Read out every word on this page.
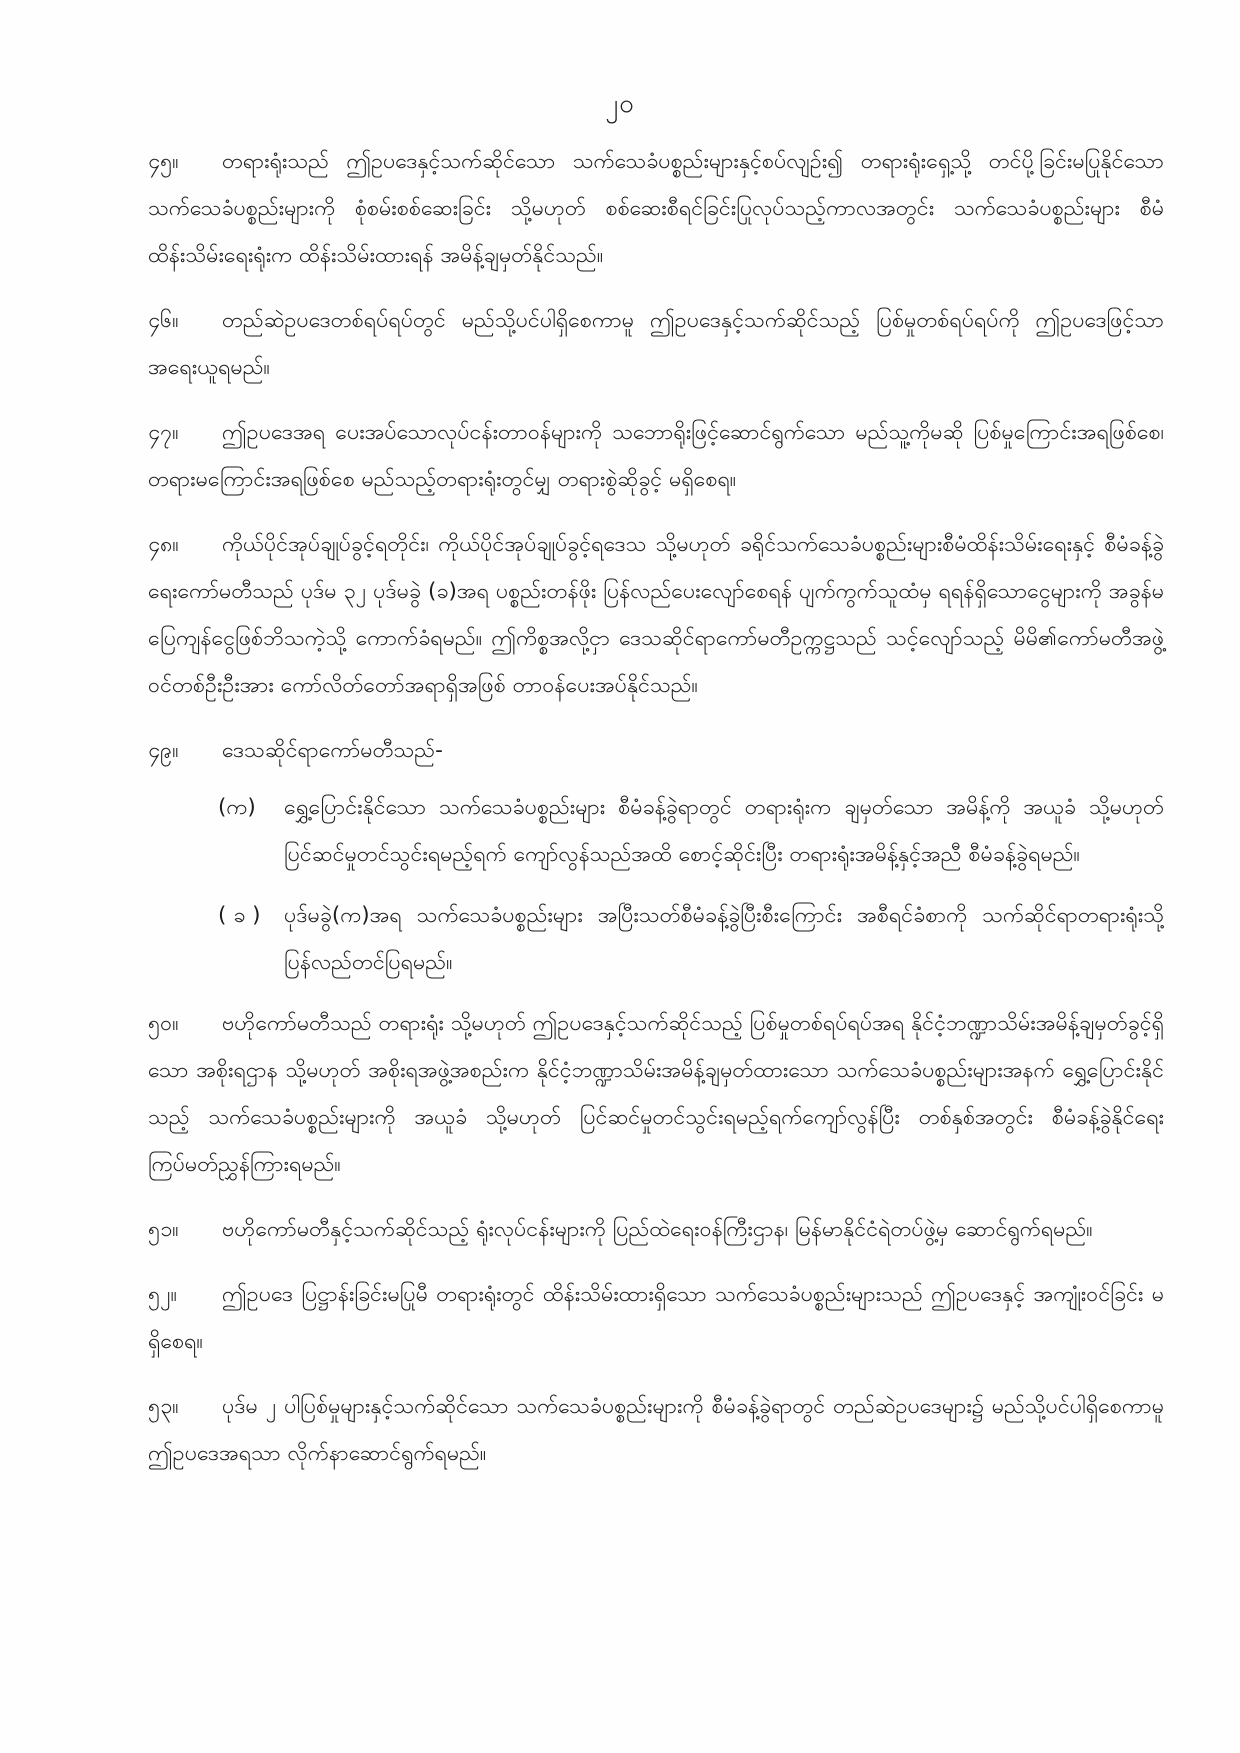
၂၀

၄၅။ တရားရုံးသည် ဤဥပဒေနှင့်သက်ဆိုင်သော သက်သေခံပစ္စည်းများနှင့်စပ်လျဉ်း၍ တရားရုံးရှေ့သို့ တင်ပို့ခြင်းမပြုနိုင်သော သက်သေခံပစ္စည်းများကို စုံစမ်းစစ်ဆေးခြင်း သို့မဟုတ် စစ်ဆေးစီရင်ခြင်းပြုလုပ်သည့်ကာလအတွင်း သက်သေခံပစ္စည်းများ စီမံထိန်းသိမ်းရေးရုံးက ထိန်းသိမ်းထားရန် အမိန့်ချမှတ်နိုင်သည်။

၄၆။ တည်ဆဲဥပဒေတစ်ရပ်ရပ်တွင် မည်သို့ပင်ပါရှိစေကာမူ ဤဥပဒေနှင့်သက်ဆိုင်သည့် ပြစ်မှုတစ်ရပ်ရပ်ကို ဤဥပဒေဖြင့်သာ အရေးယူရမည်။

၄၇။ ဤဥပဒေအရ ပေးအပ်သောလုပ်ငန်းတာဝန်များကို သဘောရိုးဖြင့်ဆောင်ရွက်သော မည်သူ့ကိုမဆို ပြစ်မှုကြောင်းအရဖြစ်စေ၊ တရားမကြောင်းအရဖြစ်စေ မည်သည့်တရားရုံးတွင်မျှ တရားစွဲဆိုခွင့် မရှိစေရ။

၄၈။ ကိုယ်ပိုင်အုပ်ချုပ်ခွင့်ရတိုင်း၊ ကိုယ်ပိုင်အုပ်ချုပ်ခွင့်ရဒေသ သို့မဟုတ် ခရိုင်သက်သေခံပစ္စည်းများစီမံထိန်းသိမ်းရေးနှင့် စီမံခန့်ခွဲရေးကော်မတီသည် ပုဒ်မ ၃၂ ပုဒ်မခွဲ (ခ)အရ ပစ္စည်းတန်ဖိုး ပြန်လည်ပေးလျော်စေရန် ပျက်ကွက်သူထံမှ ရရန်ရှိသောငွေများကို အခွန်မပြေကျန်ငွေဖြစ်ဘိသကဲ့သို့ ကောက်ခံရမည်။ ဤကိစ္စအလို့ငှာ ဒေသဆိုင်ရာကော်မတီဥက္ကဋ္ဌသည် သင့်လျော်သည့် မိမိ၏ကော်မတီအဖွဲ့ဝင်တစ်ဦးဦးအား ကော်လိတ်တော်အရာရှိအဖြစ် တာဝန်ပေးအပ်နိုင်သည်။

၄၉။ ဒေသဆိုင်ရာကော်မတီသည်-

(က)	ရွှေ့ပြောင်းနိုင်သော သက်သေခံပစ္စည်းများ စီမံခန့်ခွဲရာတွင် တရားရုံးက ချမှတ်သော အမိန့်ကို အယူခံ သို့မဟုတ် ပြင်ဆင်မှုတင်သွင်းရမည့်ရက် ကျော်လွန်သည်အထိ စောင့်ဆိုင်းပြီး တရားရုံးအမိန့်နှင့်အညီ စီမံခန့်ခွဲရမည်။
( ခ )	ပုဒ်မခွဲ(က)အရ သက်သေခံပစ္စည်းများ အပြီးသတ်စီမံခန့်ခွဲပြီးစီးကြောင်း အစီရင်ခံစာကို သက်ဆိုင်ရာတရားရုံးသို့ ပြန်လည်တင်ပြရမည်။

၅၀။ ဗဟိုကော်မတီသည် တရားရုံး သို့မဟုတ် ဤဥပဒေနှင့်သက်ဆိုင်သည့် ပြစ်မှုတစ်ရပ်ရပ်အရ နိုင်ငံ့ဘဏ္ဍာသိမ်းအမိန့်ချမှတ်ခွင့်ရှိသော အစိုးရဌာန သို့မဟုတ် အစိုးရအဖွဲ့အစည်းက နိုင်ငံ့ဘဏ္ဍာသိမ်းအမိန့်ချမှတ်ထားသော သက်သေခံပစ္စည်းများအနက် ရွှေ့ပြောင်းနိုင်သည့် သက်သေခံပစ္စည်းများကို အယူခံ သို့မဟုတ် ပြင်ဆင်မှုတင်သွင်းရမည့်ရက်ကျော်လွန်ပြီး တစ်နှစ်အတွင်း စီမံခန့်ခွဲနိုင်ရေး ကြပ်မတ်ညွှန်ကြားရမည်။

၅၁။ ဗဟိုကော်မတီနှင့်သက်ဆိုင်သည့် ရုံးလုပ်ငန်းများကို ပြည်ထဲရေးဝန်ကြီးဌာန၊ မြန်မာနိုင်ငံရဲတပ်ဖွဲ့မှ ဆောင်ရွက်ရမည်။

၅၂။ ဤဥပဒေ ပြဋ္ဌာန်းခြင်းမပြုမီ တရားရုံးတွင် ထိန်းသိမ်းထားရှိသော သက်သေခံပစ္စည်းများသည် ဤဥပဒေနှင့် အကျုံးဝင်ခြင်း မရှိစေရ။

၅၃။ ပုဒ်မ ၂ ပါပြစ်မှုများနှင့်သက်ဆိုင်သော သက်သေခံပစ္စည်းများကို စီမံခန့်ခွဲရာတွင် တည်ဆဲဥပဒေများ၌ မည်သို့ပင်ပါရှိစေကာမူ ဤဥပဒေအရသာ လိုက်နာဆောင်ရွက်ရမည်။
